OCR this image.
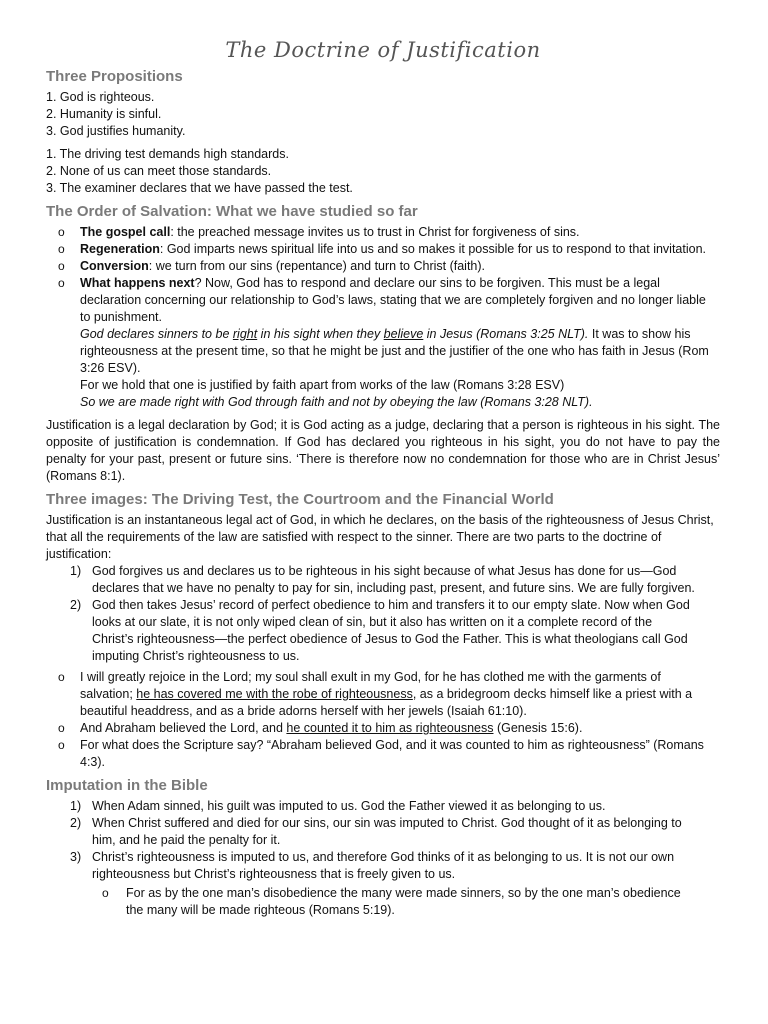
The Doctrine of Justification
Three Propositions
1. God is righteous.
2. Humanity is sinful.
3. God justifies humanity.
1. The driving test demands high standards.
2. None of us can meet those standards.
3. The examiner declares that we have passed the test.
The Order of Salvation: What we have studied so far
o The gospel call: the preached message invites us to trust in Christ for forgiveness of sins.
o Regeneration: God imparts news spiritual life into us and so makes it possible for us to respond to that invitation.
o Conversion: we turn from our sins (repentance) and turn to Christ (faith).
o What happens next? Now, God has to respond and declare our sins to be forgiven. This must be a legal declaration concerning our relationship to God’s laws, stating that we are completely forgiven and no longer liable to punishment.
God declares sinners to be right in his sight when they believe in Jesus (Romans 3:25 NLT). It was to show his righteousness at the present time, so that he might be just and the justifier of the one who has faith in Jesus (Rom 3:26 ESV).
For we hold that one is justified by faith apart from works of the law (Romans 3:28 ESV)
So we are made right with God through faith and not by obeying the law (Romans 3:28 NLT).
Justification is a legal declaration by God; it is God acting as a judge, declaring that a person is righteous in his sight. The opposite of justification is condemnation. If God has declared you righteous in his sight, you do not have to pay the penalty for your past, present or future sins. ‘There is therefore now no condemnation for those who are in Christ Jesus’ (Romans 8:1).
Three images: The Driving Test, the Courtroom and the Financial World
Justification is an instantaneous legal act of God, in which he declares, on the basis of the righteousness of Jesus Christ, that all the requirements of the law are satisfied with respect to the sinner. There are two parts to the doctrine of justification:
1) God forgives us and declares us to be righteous in his sight because of what Jesus has done for us—God declares that we have no penalty to pay for sin, including past, present, and future sins. We are fully forgiven.
2) God then takes Jesus’ record of perfect obedience to him and transfers it to our empty slate. Now when God looks at our slate, it is not only wiped clean of sin, but it also has written on it a complete record of the Christ’s righteousness—the perfect obedience of Jesus to God the Father. This is what theologians call God imputing Christ’s righteousness to us.
o I will greatly rejoice in the Lord; my soul shall exult in my God, for he has clothed me with the garments of salvation; he has covered me with the robe of righteousness, as a bridegroom decks himself like a priest with a beautiful headdress, and as a bride adorns herself with her jewels (Isaiah 61:10).
o And Abraham believed the Lord, and he counted it to him as righteousness (Genesis 15:6).
o For what does the Scripture say? “Abraham believed God, and it was counted to him as righteousness” (Romans 4:3).
Imputation in the Bible
1) When Adam sinned, his guilt was imputed to us. God the Father viewed it as belonging to us.
2) When Christ suffered and died for our sins, our sin was imputed to Christ. God thought of it as belonging to him, and he paid the penalty for it.
3) Christ’s righteousness is imputed to us, and therefore God thinks of it as belonging to us. It is not our own righteousness but Christ’s righteousness that is freely given to us.
o For as by the one man’s disobedience the many were made sinners, so by the one man’s obedience the many will be made righteous (Romans 5:19).
